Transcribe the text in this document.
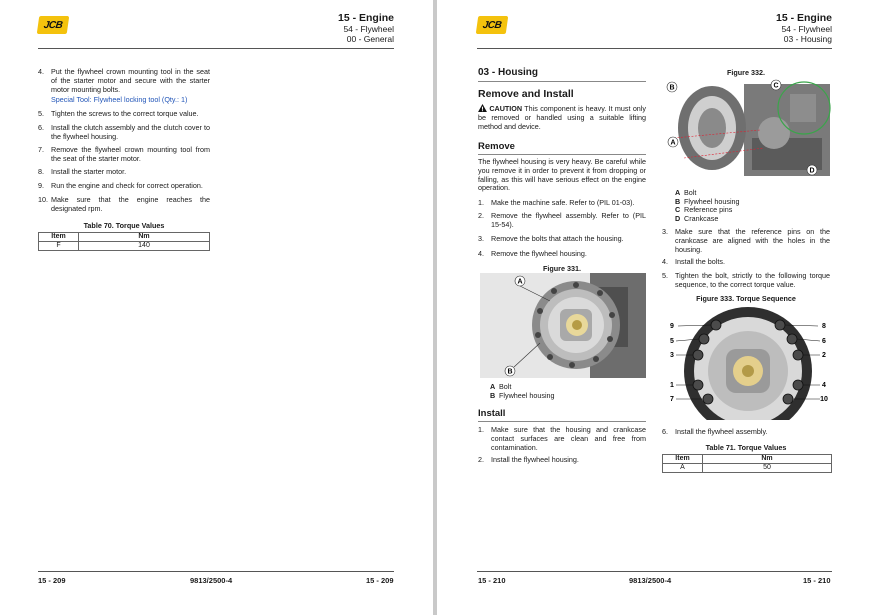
JCB
15 - Engine
54 - Flywheel
00 - General
4. Put the flywheel crown mounting tool in the seat of the starter motor and secure with the starter motor mounting bolts.
Special Tool: Flywheel locking tool (Qty.: 1)
5. Tighten the screws to the correct torque value.
6. Install the clutch assembly and the clutch cover to the flywheel housing.
7. Remove the flywheel crown mounting tool from the seat of the starter motor.
8. Install the starter motor.
9. Run the engine and check for correct operation.
10. Make sure that the engine reaches the designated rpm.
Table 70. Torque Values
Item	Nm
F	140
15 - 209	9813/2500-4	15 - 209
JCB
15 - Engine
54 - Flywheel
03 - Housing
03 - Housing
Remove and Install
CAUTION This component is heavy. It must only be removed or handled using a suitable lifting method and device.
Remove
The flywheel housing is very heavy. Be careful while you remove it in order to prevent it from dropping or falling, as this will have serious effect on the engine operation.
1. Make the machine safe. Refer to (PIL 01-03).
2. Remove the flywheel assembly. Refer to (PIL 15-54).
3. Remove the bolts that attach the housing.
4. Remove the flywheel housing.
Figure 331.
A
B
A Bolt
B Flywheel housing
Install
1. Make sure that the housing and crankcase contact surfaces are clean and free from contamination.
2. Install the flywheel housing.
Figure 332.
B	C
A
D
A Bolt
B Flywheel housing
C Reference pins
D Crankcase
3. Make sure that the reference pins on the crankcase are aligned with the holes in the housing.
4. Install the bolts.
5. Tighten the bolt, strictly to the following torque sequence, to the correct torque value.
Figure 333. Torque Sequence
9	8
5	6
3	2
1	4
7	10
6. Install the flywheel assembly.
Table 71. Torque Values
Item	Nm
A	50
15 - 210	9813/2500-4	15 - 210
